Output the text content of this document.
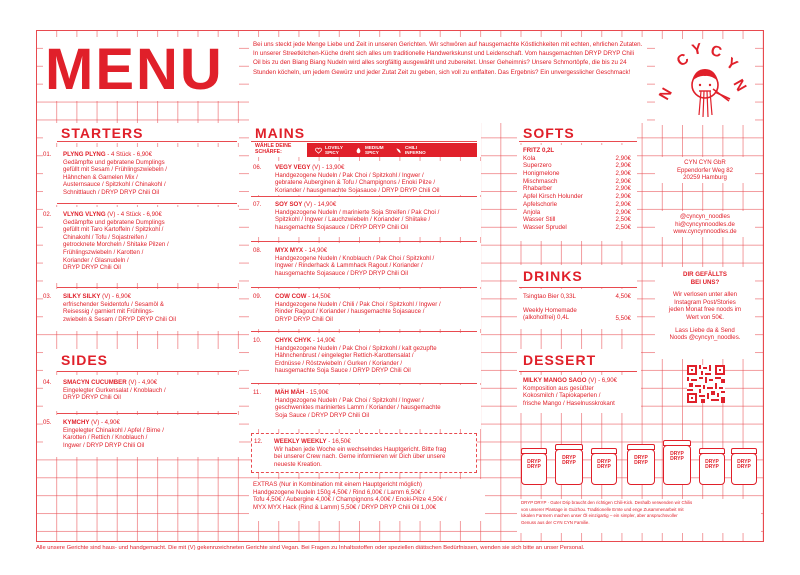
MENU	Bei uns steckt jede Menge Liebe und Zeit in unseren Gerichten. Wir schwören auf hausgemachte Köstlichkeiten mit echten, ehrlichen Zutaten. In unserer Streetkitchen-Küche dreht sich alles um traditionelle Handwerkskunst und Leidenschaft. Vom hausgemachten DRYP DRYP Chili Oil bis zu den Biang Biang Nudeln wird alles sorgfältig ausgewählt und zubereitet. Unser Geheimnis? Unsere Schmortöpfe, die bis zu 24 Stunden köcheln, um jedem Gewürz und jeder Zutat Zeit zu geben, sich voll zu entfalten. Das Ergebnis? Ein unvergesslicher Geschmack!
C
Y C
Y
N
N
STARTERS
01. PLYNG PLYNG - 4 Stück - 6,90€
Gedämpfte und gebratene Dumplings
gefüllt mit Sesam / Frühlingszwiebeln /
Hähnchen & Garnelen Mix /
Austernsauce / Spitzkohl / Chinakohl /
Schnittlauch / DRYP DRYP Chili Oil
02. VLYNG VLYNG (V) - 4 Stück - 6,90€
Gedämpfte und gebratene Dumplings
gefüllt mit Taro Kartoffeln / Spitzkohl /
Chinakohl / Tofu / Sojastreifen /
getrocknete Morcheln / Shitake Pilzen /
Frühlingszwiebeln / Karotten /
Koriander / Glasnudeln /
DRYP DRYP Chili Oil
03. SILKY SILKY (V) - 6,90€
erfrischender Seidentofu / Sesamöl &
Reisessig / garniert mit Frühlings-
zwiebeln & Sesam / DRYP DRYP Chili Oil
SIDES
04. SMACYN CUCUMBER (V) - 4,90€
Eingelegter Gurkensalat / Knoblauch /
DRYP DRYP Chili Oil
05. KYMCHY (V) - 4,90€
Eingelegter Chinakohl / Apfel / Birne /
Karotten / Rettich / Knoblauch /
Ingwer / DRYP DRYP Chili Oil
MAINS
WÄHLE DEINE SCHÄRFE:
LOVELY SPICY
MEDIUM SPICY
CHILI INFERNO
06. VEGY VEGY (V) - 13,90€
Handgezogene Nudeln / Pak Choi / Spitzkohl / Ingwer /
gebratene Auberginen & Tofu / Champignons / Enoki Pilze /
Koriander / hausgemachte Sojasauce / DRYP DRYP Chili Oil
07. SOY SOY (V) - 14,90€
Handgezogene Nudeln / marinierte Soja Streifen / Pak Choi /
Spitzkohl / Ingwer / Lauchzwiebeln / Koriander / Shiitake /
hausgemachte Sojasauce / DRYP DRYP Chili Oil
08. MYX MYX - 14,90€
Handgezogene Nudeln / Knoblauch / Pak Choi / Spitzkohl /
Ingwer / Rinderhack & Lammhack Ragout / Koriander /
hausgemachte Sojasauce / DRYP DRYP Chili Oil
09. COW COW - 14,50€
Handgezogene Nudeln / Chili / Pak Choi / Spitzkohl / Ingwer /
Rinder Ragout / Koriander / hausgemachte Sojasauce /
DRYP DRYP Chili Oil
10. CHYK CHYK - 14,90€
Handgezogene Nudeln / Pak Choi / Spitzkohl / kalt gezupfte
Hähnchenbrust / eingelegter Rettich-Karottensalat /
Erdnüsse / Röstzwiebeln / Gurken / Koriander /
hausgemachte Soja Sauce / DRYP DRYP Chili Oil
11. MÄH MÄH - 15,90€
Handgezogene Nudeln / Pak Choi / Spitzkohl / Ingwer /
geschwenktes mariniertes Lamm / Koriander / hausgemachte
Soja Sauce / DRYP DRYP Chili Oil
12. WEEKLY WEEKLY - 16,50€
Wir haben jede Woche ein wechselndes Hauptgericht. Bitte frag
bei unserer Crew nach. Gerne informieren wir Dich über unsere
neueste Kreation.
EXTRAS (Nur in Kombination mit einem Hauptgericht möglich)
Handgezogene Nudeln 150g 4,50€ / Rind 6,00€ / Lamm 6,50€ /
Tofu 4,50€ / Aubergine 4,00€ / Champignons 4,00€ / Enoki-Pilze 4,50€ /
MYX MYX Hack (Rind & Lamm) 5,50€ / DRYP DRYP Chili Oil 1,00€
SOFTS
FRITZ 0,2L
Kola	2,90€
Superzero	2,90€
Honigmelone	2,90€
Mischmasch	2,90€
Rhabarber	2,90€
Apfel Kirsch Holunder	2,90€
Apfelschorle	2,90€
Anjola	2,90€
Wasser Still	2,50€
Wasser Sprudel	2,50€
DRINKS
Tsingtao Bier 0,33L	4,50€
Weekly Homemade (alkoholfrei) 0,4L	5,50€
DESSERT
MILKY MANGO SAGO (V) - 6,90€
Komposition aus gesüßter
Kokosmilch / Tapiokaperlen /
frische Mango / Haselnusskrokant
CYN CYN GbR
Eppendorfer Weg 82
20259 Hamburg
@cyncyn_noodles
hi@cyncynnoodles.de
www.cyncynnoodles.de
DIR GEFÄLLTS
BEI UNS?
Wir verlosen unter allen
Instagram Post/Stories
jeden Monat free noods im
Wert von 50€.
Lass Liebe da & Send
Noods @cyncyn_noodles.
DRYP DRYP
DRYP DRYP	DRYP DRYP
DRYP DRYP
DRYP DRYP	DRYP DRYP
DRYP DRYP
DRYP DRYP · Guter Drip braucht den richtigen Chili-Kick. Deshalb verwenden wir Chilis
von unserer Plantage in Guizhou. Traditionelle Ernte und enge Zusammenarbeit mit
lokalen Farmern machen unser Öl einzigartig – ein simpler, aber anspruchsvoller
Genuss aus der CYN CYN Familie.
Alle unsere Gerichte sind haus- und handgemacht. Die mit (V) gekennzeichneten Gerichte sind Vegan. Bei Fragen zu Inhaltsstoffen oder speziellen diätischen Bedürfnissen, wenden sie sich bitte an unser Personal.
